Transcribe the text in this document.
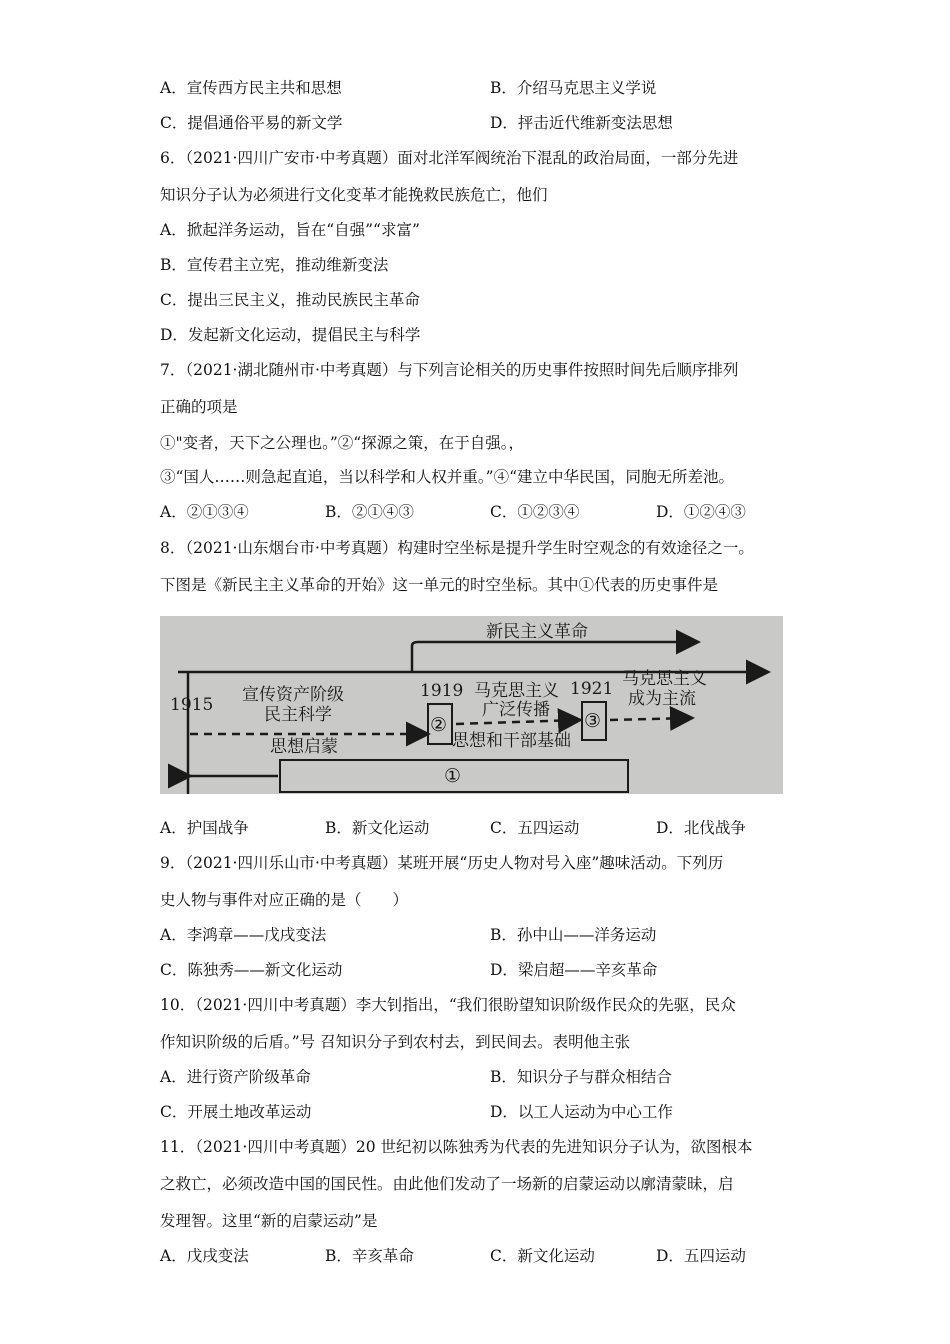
A．宣传西方民主共和思想	B．介绍马克思主义学说
C．提倡通俗平易的新文学	D．抨击近代维新变法思想
6．（2021·四川广安市·中考真题）面对北洋军阀统治下混乱的政治局面，一部分先进
知识分子认为必须进行文化变革才能挽救民族危亡，他们
A．掀起洋务运动，旨在“自强”“求富”
B．宣传君主立宪，推动维新变法
C．提出三民主义，推动民族民主革命
D．发起新文化运动，提倡民主与科学
7．（2021·湖北随州市·中考真题）与下列言论相关的历史事件按照时间先后顺序排列
正确的项是
①"变者，天下之公理也。”②“探源之策，在于自强。，
③“国人……则急起直追，当以科学和人权并重。”④“建立中华民国，同胞无所差池。
A．②①③④	B．②①④③	C．①②③④	D．①②④③
8．（2021·山东烟台市·中考真题）构建时空坐标是提升学生时空观念的有效途径之一。
下图是《新民主主义革命的开始》这一单元的时空坐标。其中①代表的历史事件是
新民主义革命
1915
1919	1921
宣传资产阶级
民主科学
马克思主义
广泛传播
马克思主义
成为主流
②	③
思想启蒙	思想和干部基础
①
A．护国战争	B．新文化运动	C．五四运动	D．北伐战争
9．（2021·四川乐山市·中考真题）某班开展“历史人物对号入座”趣味活动。下列历
史人物与事件对应正确的是（　　）
A．李鸿章——戊戌变法	B．孙中山——洋务运动
C．陈独秀——新文化运动	D．梁启超——辛亥革命
10．（2021·四川中考真题）李大钊指出，“我们很盼望知识阶级作民众的先驱，民众
作知识阶级的后盾。”号 召知识分子到农村去，到民间去。表明他主张
A．进行资产阶级革命	B．知识分子与群众相结合
C．开展土地改革运动	D．以工人运动为中心工作
11．（2021·四川中考真题）20 世纪初以陈独秀为代表的先进知识分子认为，欲图根本
之救亡，必须改造中国的国民性。由此他们发动了一场新的启蒙运动以廓清蒙昧，启
发理智。这里“新的启蒙运动”是
A．戊戌变法	B．辛亥革命	C．新文化运动	D．五四运动
